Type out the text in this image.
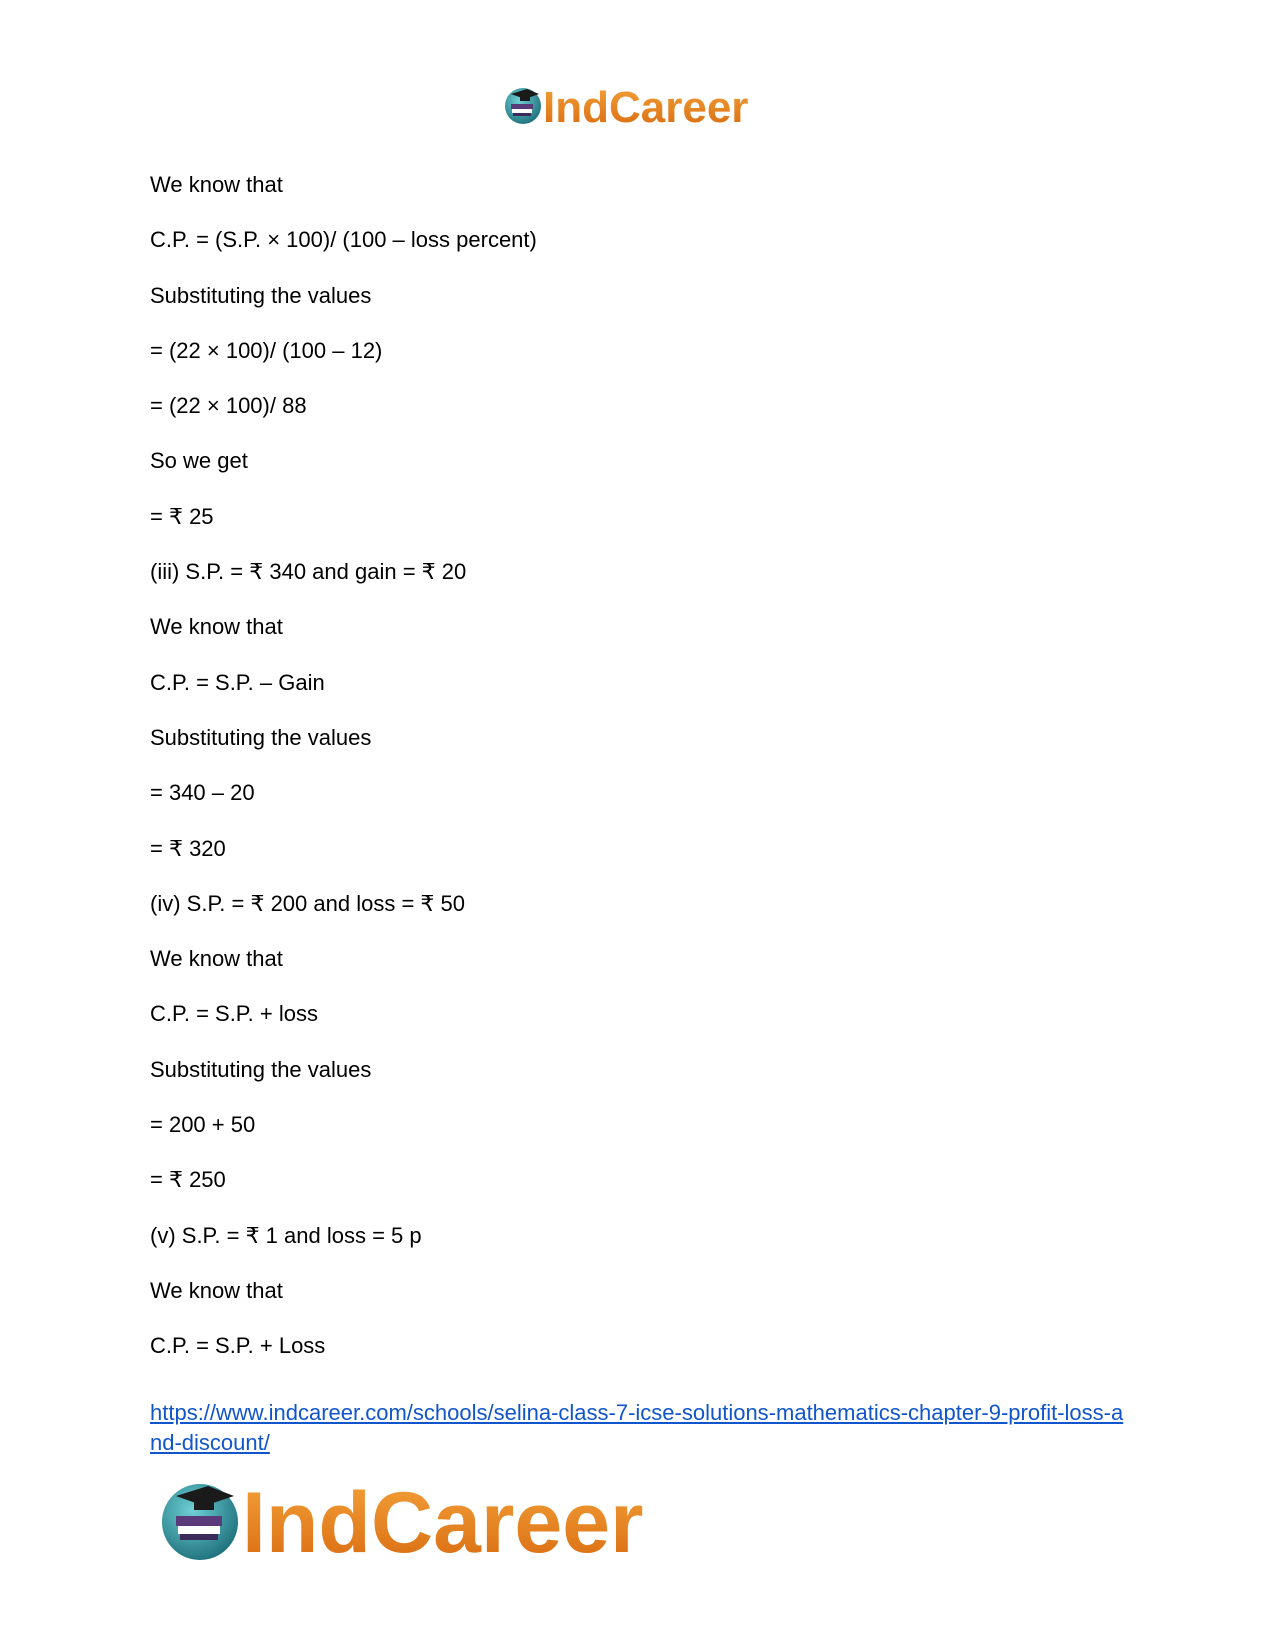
IndCareer

We know that

C.P. = (S.P. × 100)/ (100 – loss percent)

Substituting the values

= (22 × 100)/ (100 – 12)

= (22 × 100)/ 88

So we get

= ₹ 25

(iii) S.P. = ₹ 340 and gain = ₹ 20

We know that

C.P. = S.P. – Gain

Substituting the values

= 340 – 20

= ₹ 320

(iv) S.P. = ₹ 200 and loss = ₹ 50

We know that

C.P. = S.P. + loss

Substituting the values

= 200 + 50

= ₹ 250

(v) S.P. = ₹ 1 and loss = 5 p

We know that

C.P. = S.P. + Loss

https://www.indcareer.com/schools/selina-class-7-icse-solutions-mathematics-chapter-9-profit-loss-and-discount/
IndCareer
